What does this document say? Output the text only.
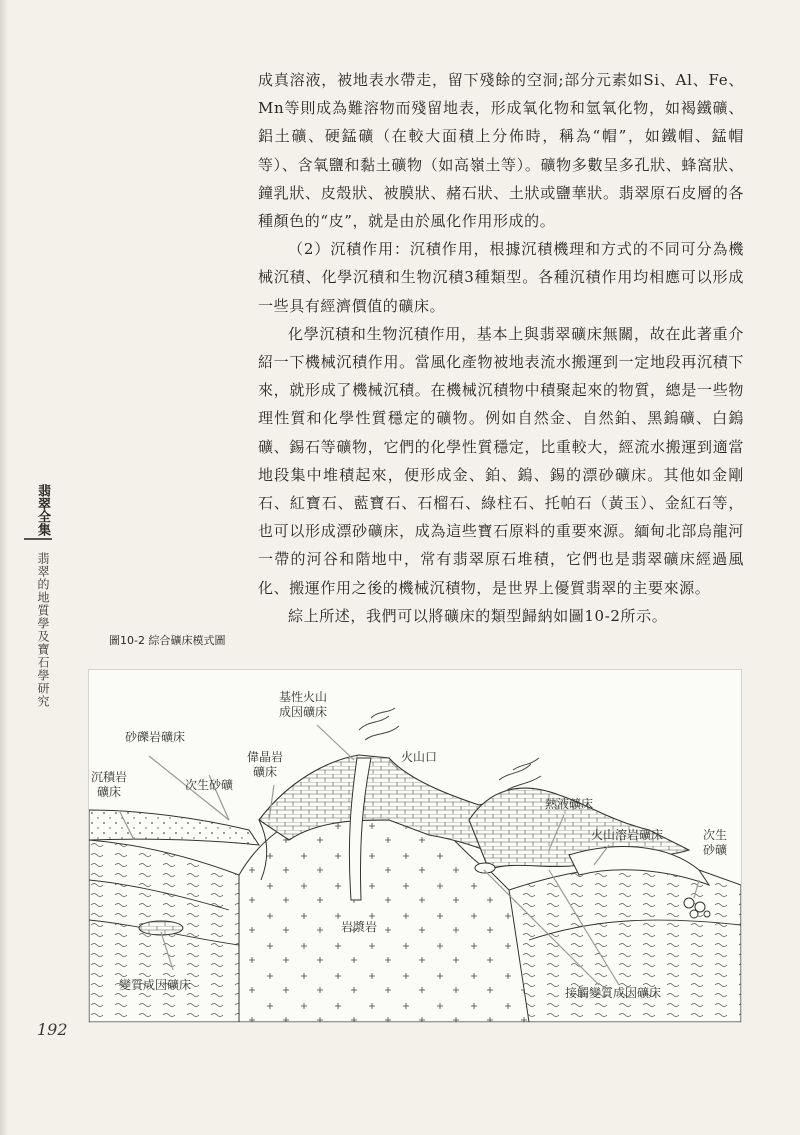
成真溶液，被地表水帶走，留下殘餘的空洞;部分元素如Si、Al、Fe、Mn等則成為難溶物而殘留地表，形成氧化物和氫氧化物，如褐鐵礦、鋁土礦、硬錳礦（在較大面積上分佈時，稱為“帽”，如鐵帽、錳帽等）、含氧鹽和黏土礦物（如高嶺土等）。礦物多數呈多孔狀、蜂窩狀、鐘乳狀、皮殼狀、被膜狀、赭石狀、土狀或鹽華狀。翡翠原石皮層的各種顏色的“皮”，就是由於風化作用形成的。

（2）沉積作用：沉積作用，根據沉積機理和方式的不同可分為機械沉積、化學沉積和生物沉積3種類型。各種沉積作用均相應可以形成一些具有經濟價值的礦床。

化學沉積和生物沉積作用，基本上與翡翠礦床無關，故在此著重介紹一下機械沉積作用。當風化產物被地表流水搬運到一定地段再沉積下來，就形成了機械沉積。在機械沉積物中積聚起來的物質，總是一些物理性質和化學性質穩定的礦物。例如自然金、自然鉑、黑鎢礦、白鎢礦、錫石等礦物，它們的化學性質穩定，比重較大，經流水搬運到適當地段集中堆積起來，便形成金、鉑、鎢、錫的漂砂礦床。其他如金剛石、紅寶石、藍寶石、石榴石、綠柱石、托帕石（黃玉）、金紅石等，也可以形成漂砂礦床，成為這些寶石原料的重要來源。緬甸北部烏龍河一帶的河谷和階地中，常有翡翠原石堆積，它們也是翡翠礦床經過風化、搬運作用之後的機械沉積物，是世界上優質翡翠的主要來源。

綜上所述，我們可以將礦床的類型歸納如圖10-2所示。

翡翠全集
翡翠的地質學及寶石學研究	圖10-2 綜合礦床模式圖
基性火山
成因礦床
砂礫岩礦床
偉晶岩
礦床
火山口
沉積岩
礦床	次生砂礦
熱液礦床
火山溶岩礦床	次生
砂礦
岩漿岩
變質成因礦床
接觸變質成因礦床
192
